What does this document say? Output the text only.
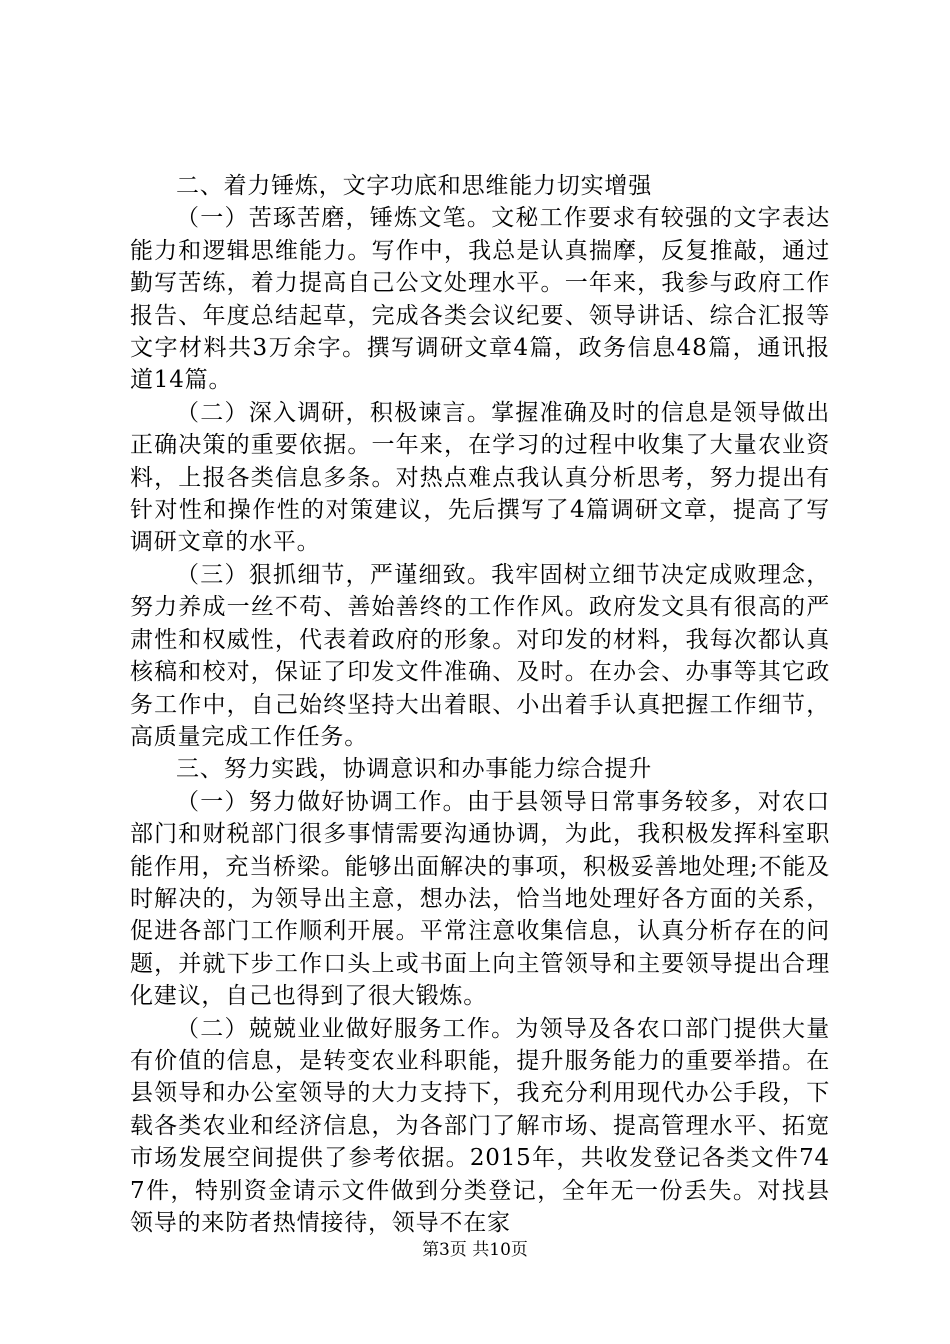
二、着力锤炼，文字功底和思维能力切实增强

（一）苦琢苦磨，锤炼文笔。文秘工作要求有较强的文字表达能力和逻辑思维能力。写作中，我总是认真揣摩，反复推敲，通过勤写苦练，着力提高自己公文处理水平。一年来，我参与政府工作报告、年度总结起草，完成各类会议纪要、领导讲话、综合汇报等文字材料共3万余字。撰写调研文章4篇，政务信息48篇，通讯报道14篇。

（二）深入调研，积极谏言。掌握准确及时的信息是领导做出正确决策的重要依据。一年来，在学习的过程中收集了大量农业资料，上报各类信息多条。对热点难点我认真分析思考，努力提出有针对性和操作性的对策建议，先后撰写了4篇调研文章，提高了写调研文章的水平。

（三）狠抓细节，严谨细致。我牢固树立细节决定成败理念，努力养成一丝不苟、善始善终的工作作风。政府发文具有很高的严肃性和权威性，代表着政府的形象。对印发的材料，我每次都认真核稿和校对，保证了印发文件准确、及时。在办会、办事等其它政务工作中，自己始终坚持大出着眼、小出着手认真把握工作细节，高质量完成工作任务。

三、努力实践，协调意识和办事能力综合提升

（一）努力做好协调工作。由于县领导日常事务较多，对农口部门和财税部门很多事情需要沟通协调，为此，我积极发挥科室职能作用，充当桥梁。能够出面解决的事项，积极妥善地处理;不能及时解决的，为领导出主意，想办法，恰当地处理好各方面的关系，促进各部门工作顺利开展。平常注意收集信息，认真分析存在的问题，并就下步工作口头上或书面上向主管领导和主要领导提出合理化建议，自己也得到了很大锻炼。

（二）兢兢业业做好服务工作。为领导及各农口部门提供大量有价值的信息，是转变农业科职能，提升服务能力的重要举措。在县领导和办公室领导的大力支持下，我充分利用现代办公手段，下载各类农业和经济信息，为各部门了解市场、提高管理水平、拓宽市场发展空间提供了参考依据。2015年，共收发登记各类文件747件，特别资金请示文件做到分类登记，全年无一份丢失。对找县领导的来防者热情接待，领导不在家

第3页 共10页
